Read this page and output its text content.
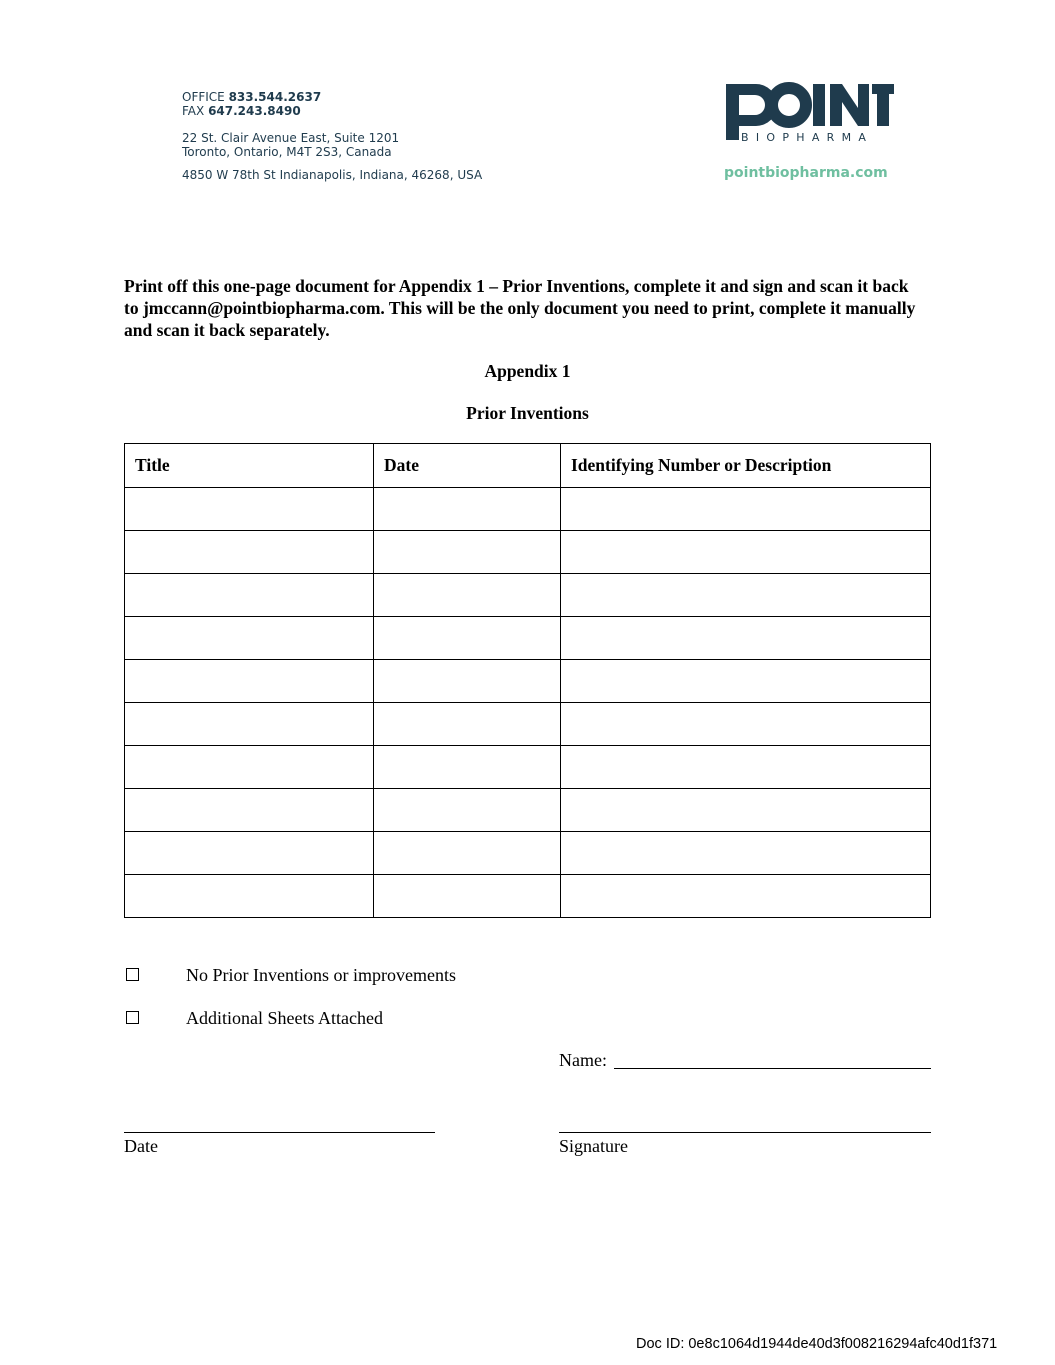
OFFICE 833.544.2637
FAX 647.243.8490
22 St. Clair Avenue East, Suite 1201
Toronto, Ontario, M4T 2S3, Canada
4850 W 78th St Indianapolis, Indiana, 46268, USA
BIOPHARMA
pointbiopharma.com
Print off this one-page document for Appendix 1 – Prior Inventions, complete it and sign and scan it back to jmccann@pointbiopharma.com. This will be the only document you need to print, complete it manually and scan it back separately.
Appendix 1
Prior Inventions
Title	Date	Identifying Number or Description

No Prior Inventions or improvements
Additional Sheets Attached
Name:
Date	Signature
Doc ID: 0e8c1064d1944de40d3f008216294afc40d1f371
